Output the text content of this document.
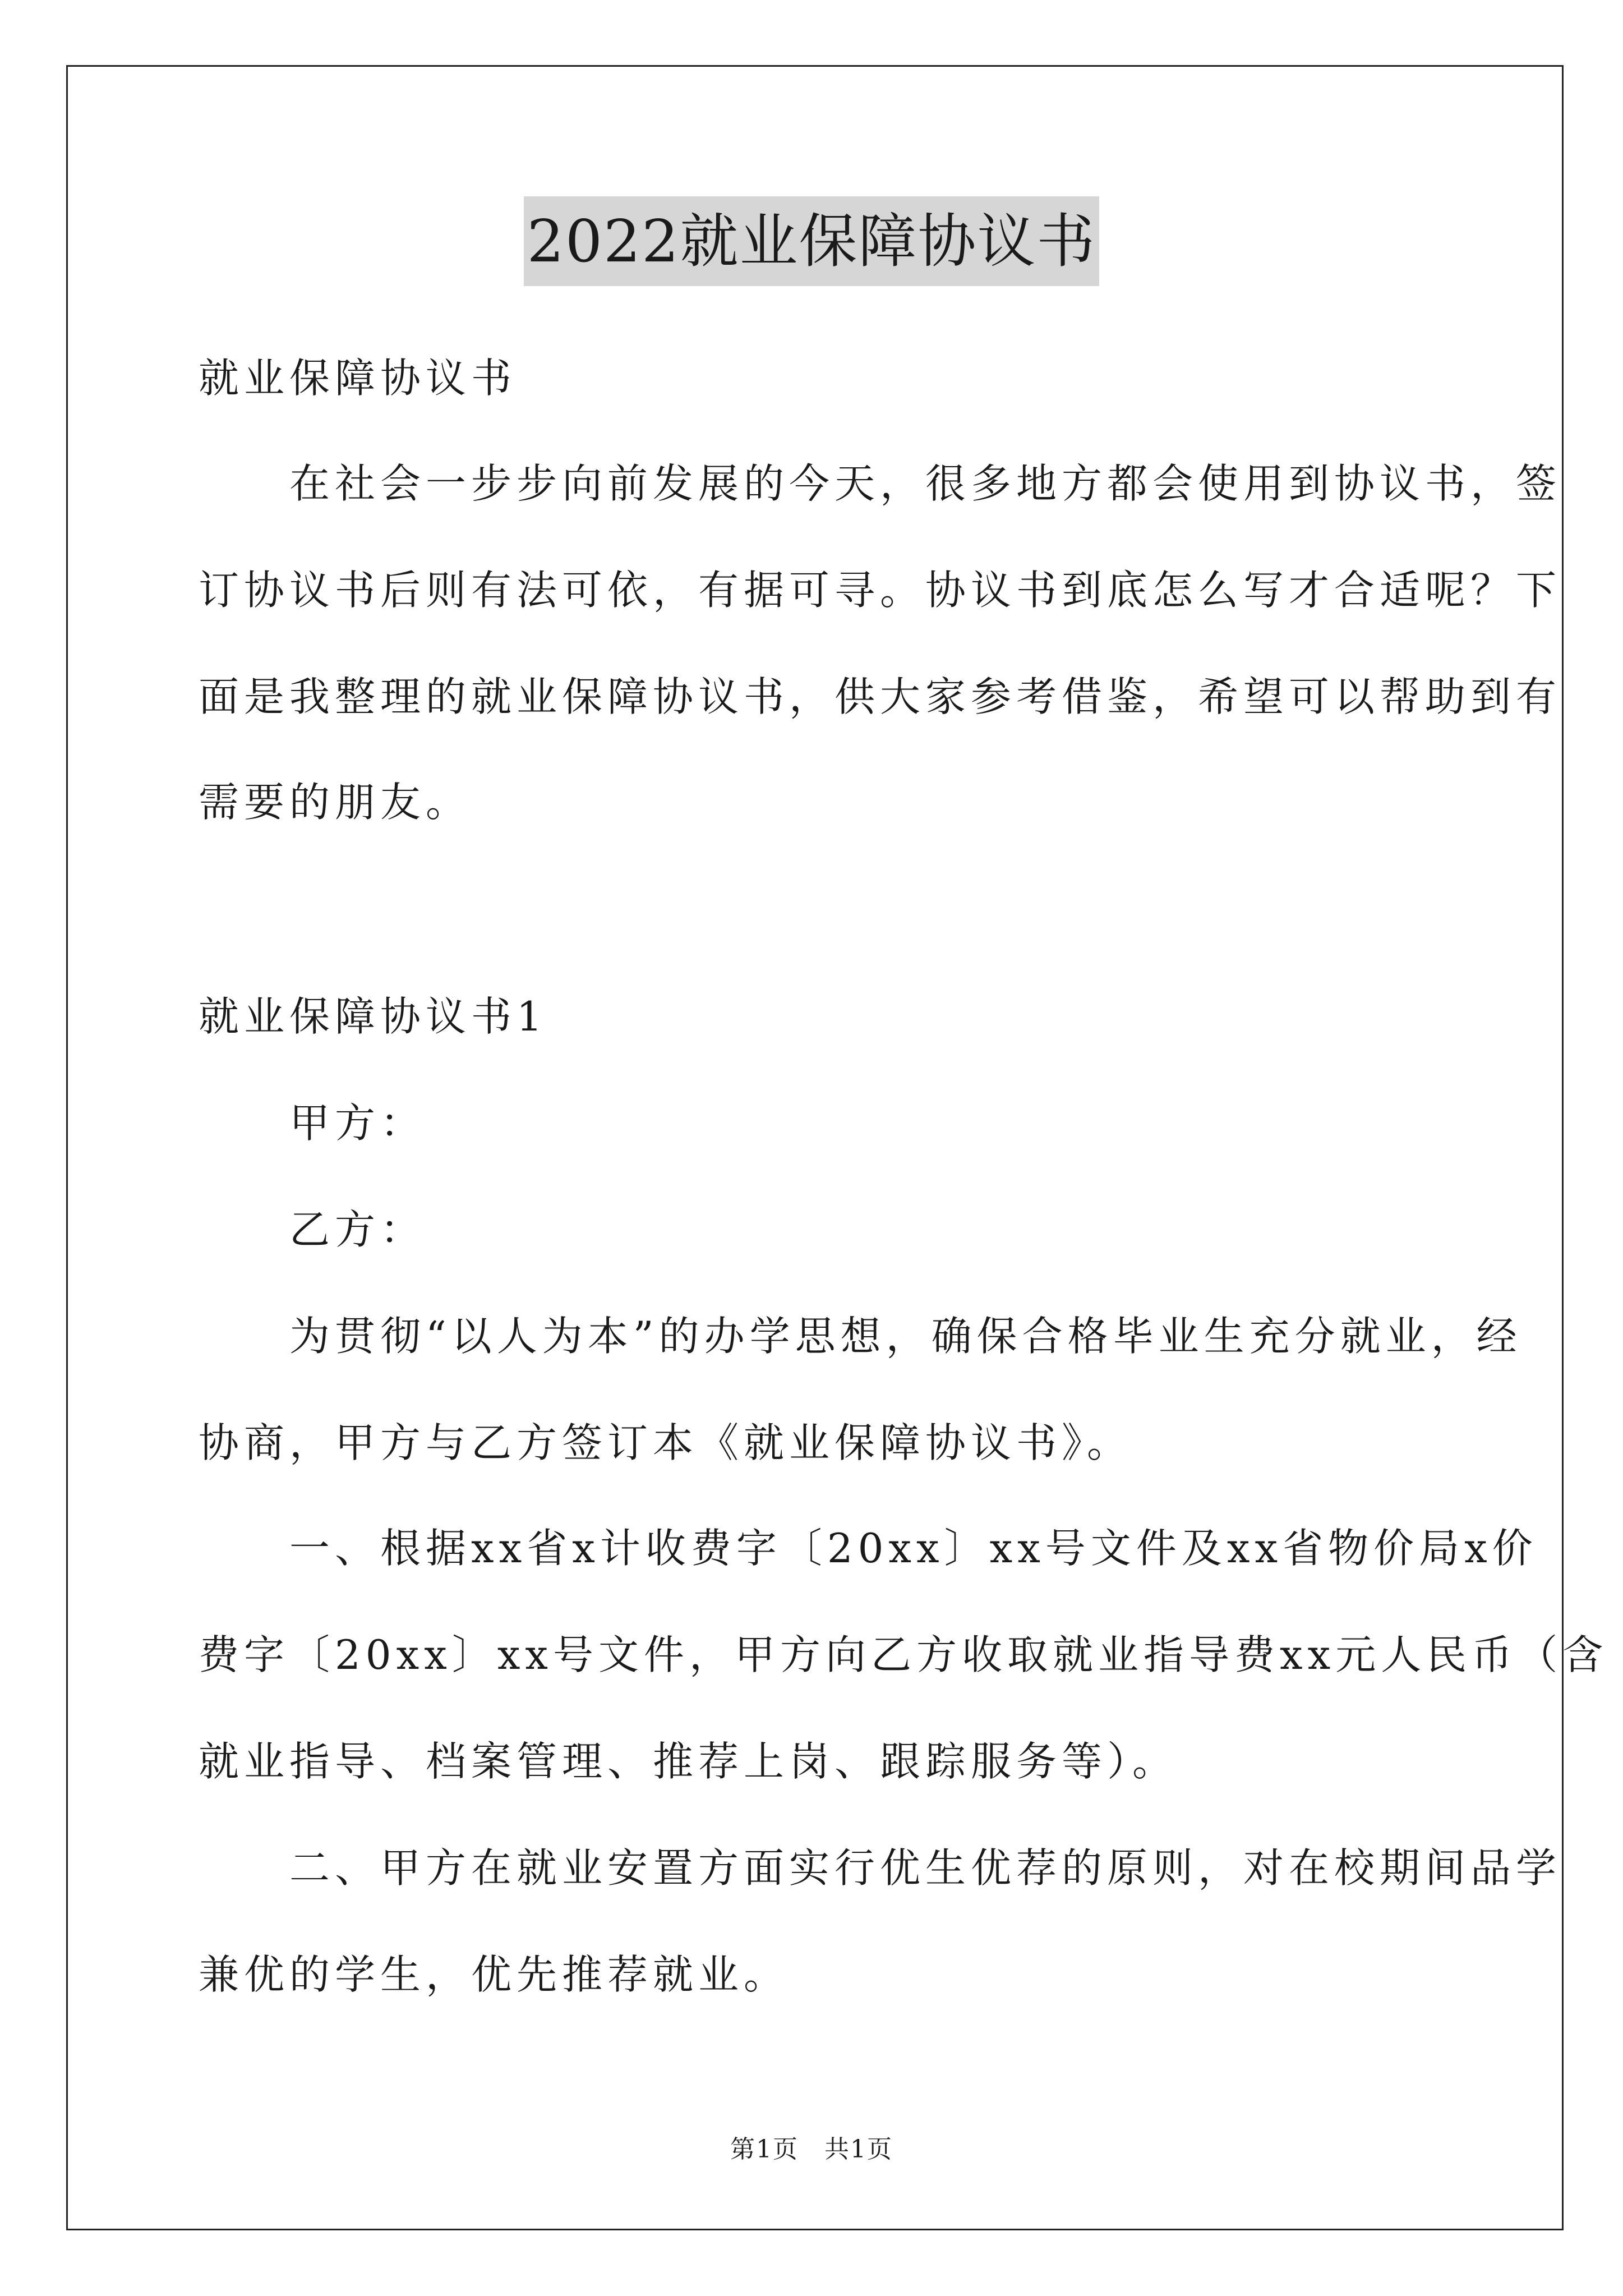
2022就业保障协议书
就业保障协议书
　　在社会一步步向前发展的今天，很多地方都会使用到协议书，签
订协议书后则有法可依，有据可寻。协议书到底怎么写才合适呢？下
面是我整理的就业保障协议书，供大家参考借鉴，希望可以帮助到有
需要的朋友。
就业保障协议书1
　　甲方：
　　乙方：
　　为贯彻“以人为本”的办学思想，确保合格毕业生充分就业，经
协商，甲方与乙方签订本《就业保障协议书》。
　　一、根据xx省x计收费字〔20xx〕xx号文件及xx省物价局x价
费字〔20xx〕xx号文件，甲方向乙方收取就业指导费xx元人民币（含
就业指导、档案管理、推荐上岗、跟踪服务等）。
　　二、甲方在就业安置方面实行优生优荐的原则，对在校期间品学
兼优的学生，优先推荐就业。
第1页　共1页
